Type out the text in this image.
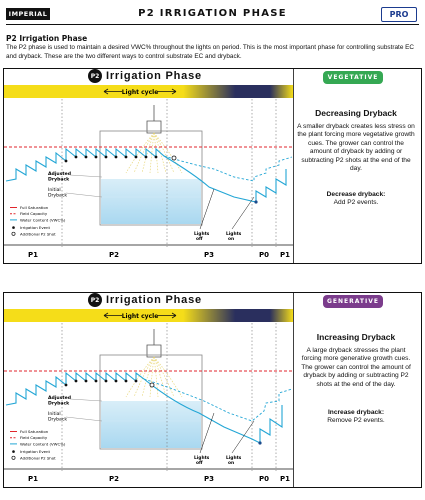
IMPERIAL	P2 IRRIGATION PHASE	PRO
P2 Irrigation Phase
The P2 phase is used to maintain a desired VWC% throughout the lights on period. This is the most important phase for controlling substrate EC and dryback. These are the two different ways to control substrate EC and dryback.
P2 Irrigation Phase	VEGETATIVE
Decreasing Dryback
A smaller dryback creates less stress on the plant forcing more vegetative growth cues. The grower can control the amount of dryback by adding or subtracting P2 shots at the end of the day.
Decrease dryback:
Add P2 events.
Light cycle
Adjusted
Dryback
Initial
Dryback
Lights
off
Lights
on
Full Saturation
Field Capacity
Water Content (VWC%)
Irrigation Event
Additional P2 Shot
P1	P2	P3	P0 P1
P2 Irrigation Phase	GENERATIVE
Increasing Dryback
A large dryback stresses the plant forcing more generative growth cues. The grower can control the amount of dryback by adding or subtracting P2 shots at the end of the day.
Increase dryback:
Remove P2 events.
Light cycle
Adjusted
Dryback
Initial
Dryback
Lights
off
Lights
on
Full Saturation
Field Capacity
Water Content (VWC%)
Irrigation Event
Additional P2 Shot
P1	P2	P3	P0 P1
